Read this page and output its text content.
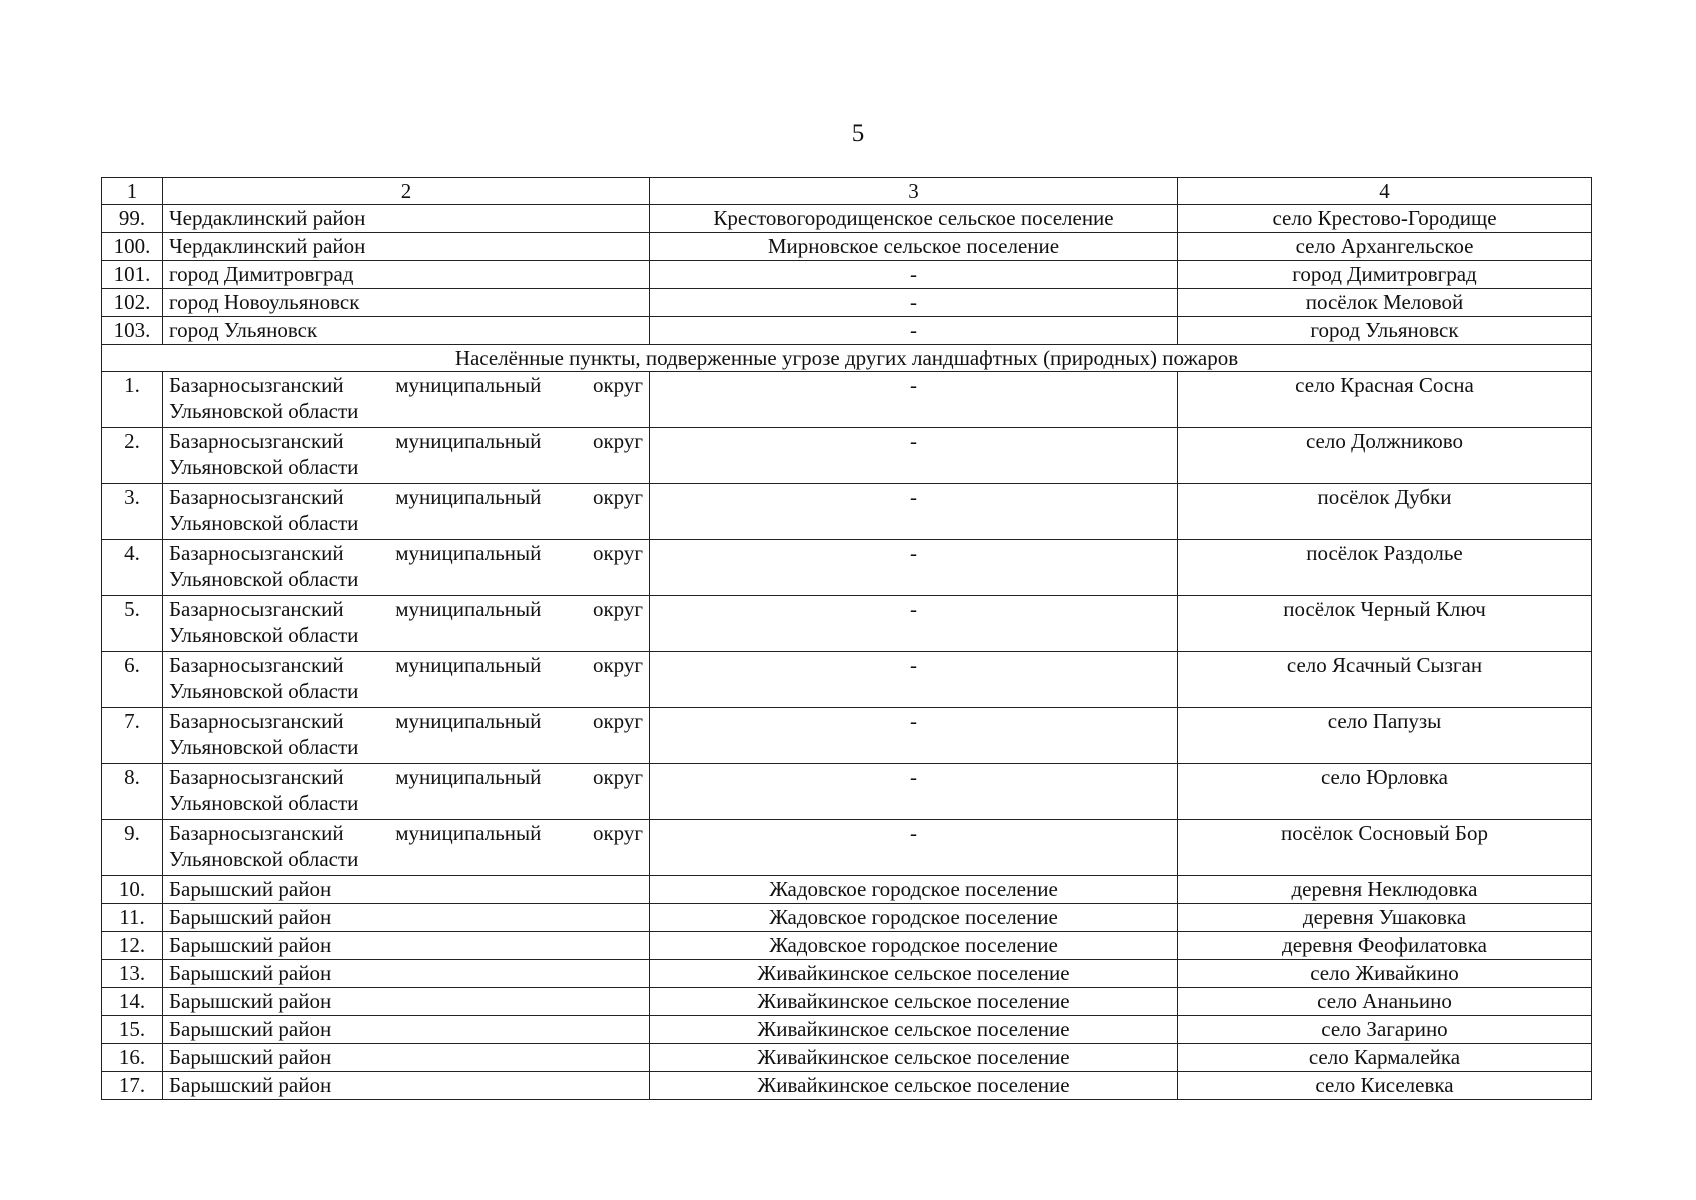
5
1	2	3	4
99.	Чердаклинский район	Крестовогородищенское сельское поселение	село Крестово-Городище
100.	Чердаклинский район	Мирновское сельское поселение	село Архангельское
101.	город Димитровград	-	город Димитровград
102.	город Новоульяновск	-	посёлок Меловой
103.	город Ульяновск	-	город Ульяновск
Населённые пункты, подверженные угрозе других ландшафтных (природных) пожаров			
1.	Базарносызганский муниципальный округ Ульяновской области	-	село Красная Сосна
2.	Базарносызганский муниципальный округ Ульяновской области	-	село Должниково
3.	Базарносызганский муниципальный округ Ульяновской области	-	посёлок Дубки
4.	Базарносызганский муниципальный округ Ульяновской области	-	посёлок Раздолье
5.	Базарносызганский муниципальный округ Ульяновской области	-	посёлок Черный Ключ
6.	Базарносызганский муниципальный округ Ульяновской области	-	село Ясачный Сызган
7.	Базарносызганский муниципальный округ Ульяновской области	-	село Папузы
8.	Базарносызганский муниципальный округ Ульяновской области	-	село Юрловка
9.	Базарносызганский муниципальный округ Ульяновской области	-	посёлок Сосновый Бор
10.	Барышский район	Жадовское городское поселение	деревня Неклюдовка
11.	Барышский район	Жадовское городское поселение	деревня Ушаковка
12.	Барышский район	Жадовское городское поселение	деревня Феофилатовка
13.	Барышский район	Живайкинское сельское поселение	село Живайкино
14.	Барышский район	Живайкинское сельское поселение	село Ананьино
15.	Барышский район	Живайкинское сельское поселение	село Загарино
16.	Барышский район	Живайкинское сельское поселение	село Кармалейка
17.	Барышский район	Живайкинское сельское поселение	село Киселевка
